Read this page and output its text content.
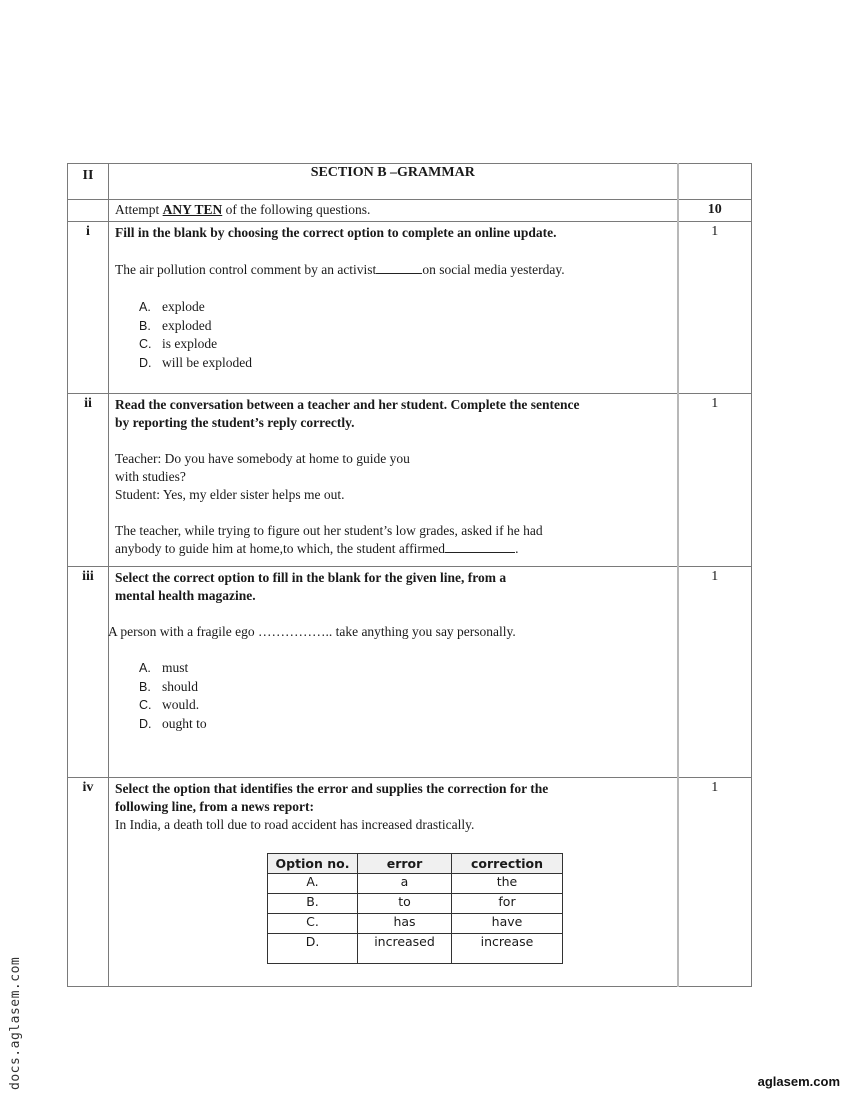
II	SECTION B –GRAMMAR

Attempt ANY TEN of the following questions.	10

i	Fill in the blank by choosing the correct option to complete an online update.
The air pollution control comment by an activist	on social media yesterday.
A. explode
B. exploded
C. is explode
D. will be exploded

1

ii	Read the conversation between a teacher and her student. Complete the sentence
by reporting the student’s reply correctly.
Teacher: Do you have somebody at home to guide you
with studies?
Student: Yes, my elder sister helps me out.
The teacher, while trying to figure out her student’s low grades, asked if he had
anybody to guide him at home,to which, the student affirmed	.

1

iii	Select the correct option to fill in the blank for the given line, from a
mental health magazine.
A person with a fragile ego …………….. take anything you say personally.
A. must
B. should
C. would.
D. ought to

1

iv	Select the option that identifies the error and supplies the correction for the
following line, from a news report:
In India, a death toll due to road accident has increased drastically.
Option no.	error	correction
A.	a	the
B.	to	for
C.	has	have
D.	increased	increase

1
docs.aglasem.com	aglasem.com
